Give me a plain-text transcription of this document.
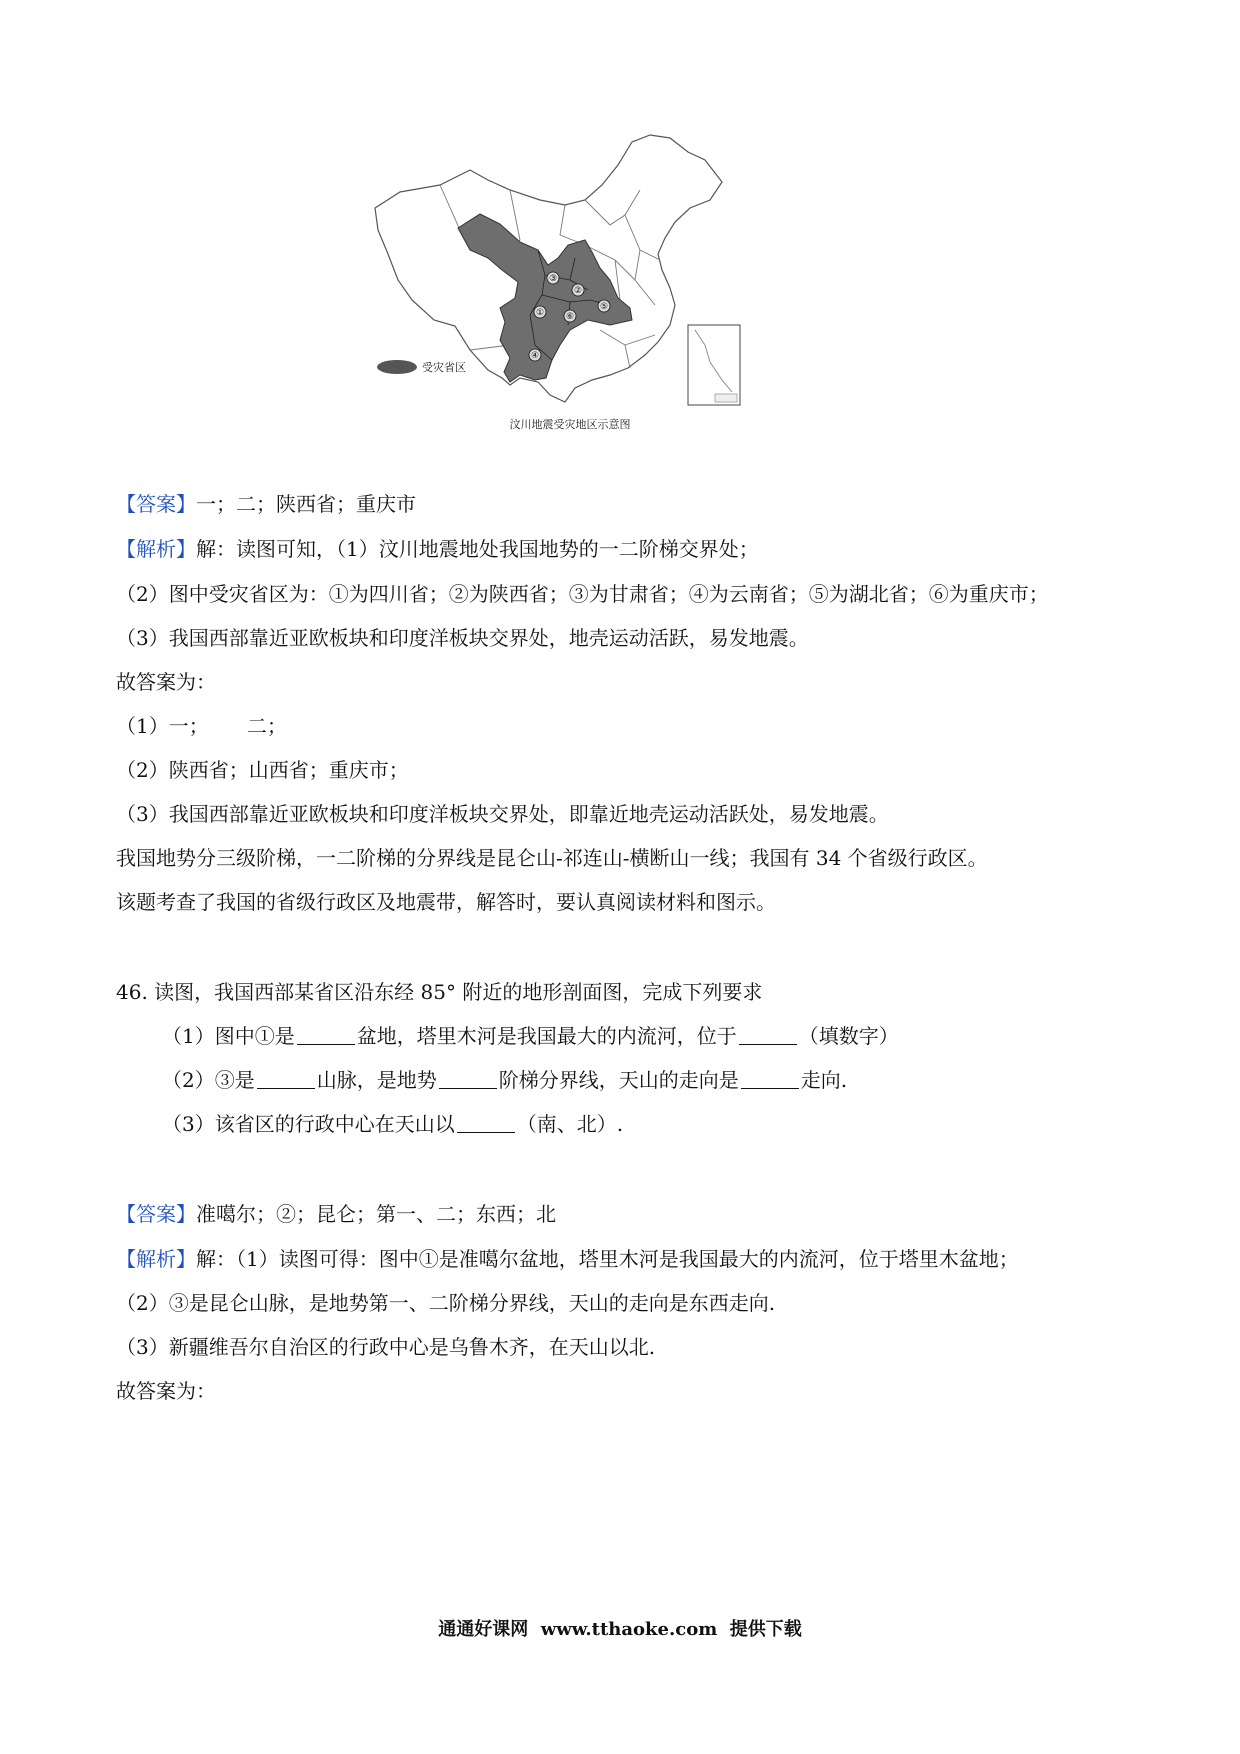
①
②
③
④
⑤
⑥
受灾省区
汶川地震受灾地区示意图
【答案】一；二；陕西省；重庆市
【解析】解：读图可知，（1）汶川地震地处我国地势的一二阶梯交界处；
（2）图中受灾省区为：①为四川省；②为陕西省；③为甘肃省；④为云南省；⑤为湖北省；⑥为重庆市；
（3）我国西部靠近亚欧板块和印度洋板块交界处，地壳运动活跃，易发地震。
故答案为：
（1）一；      二；
（2）陕西省；山西省；重庆市；
（3）我国西部靠近亚欧板块和印度洋板块交界处，即靠近地壳运动活跃处，易发地震。
我国地势分三级阶梯，一二阶梯的分界线是昆仑山-祁连山-横断山一线；我国有 34 个省级行政区。
该题考查了我国的省级行政区及地震带，解答时，要认真阅读材料和图示。
46. 读图，我国西部某省区沿东经 85° 附近的地形剖面图，完成下列要求
（1）图中①是	盆地，塔里木河是我国最大的内流河，位于	（填数字）
（2）③是	山脉，是地势	阶梯分界线，天山的走向是	走向.
（3）该省区的行政中心在天山以	（南、北）.
【答案】准噶尔；②；昆仑；第一、二；东西；北
【解析】解：（1）读图可得：图中①是准噶尔盆地，塔里木河是我国最大的内流河，位于塔里木盆地；
（2）③是昆仑山脉，是地势第一、二阶梯分界线，天山的走向是东西走向.
（3）新疆维吾尔自治区的行政中心是乌鲁木齐，在天山以北.
故答案为：
通通好课网  www.tthaoke.com  提供下载
